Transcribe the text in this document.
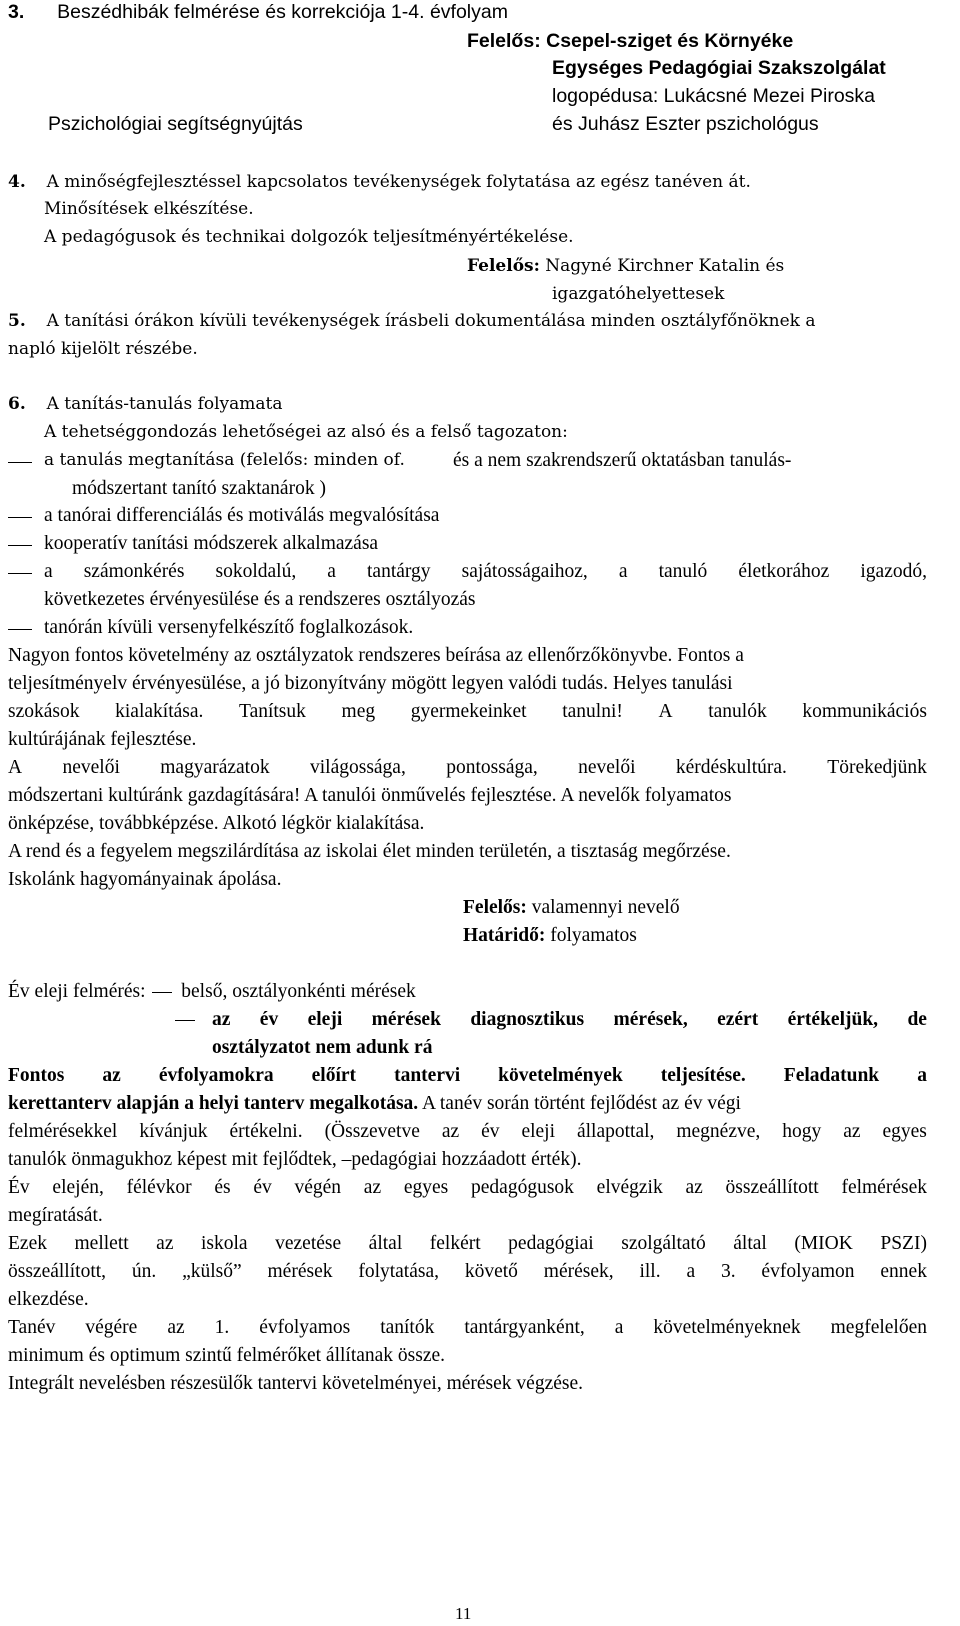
3. Beszédhibák felmérése és korrekciója 1-4. évfolyam
Felelős: Csepel-sziget és Környéke
Egységes Pedagógiai Szakszolgálat
logopédusa: Lukácsné Mezei Piroska
Pszichológiai segítségnyújtás	és Juhász Eszter pszichológus
4. A minőségfejlesztéssel kapcsolatos tevékenységek folytatása az egész tanéven át.
Minősítések elkészítése.
A pedagógusok és technikai dolgozók teljesítményértékelése.
Felelős: Nagyné Kirchner Katalin és
igazgatóhelyettesek
5. A tanítási órákon kívüli tevékenységek írásbeli dokumentálása minden osztályfőnöknek a
napló kijelölt részébe.
6. A tanítás-tanulás folyamata
A tehetséggondozás lehetőségei az alsó és a felső tagozaton:
a tanulás megtanítása (felelős: minden of. és a nem szakrendszerű oktatásban tanulás-
módszertant tanító szaktanárok )
a tanórai differenciálás és motiválás megvalósítása
kooperatív tanítási módszerek alkalmazása
a számonkérés sokoldalú, a tantárgy sajátosságaihoz, a tanuló életkorához igazodó,
következetes érvényesülése és a rendszeres osztályozás
tanórán kívüli versenyfelkészítő foglalkozások.
Nagyon fontos követelmény az osztályzatok rendszeres beírása az ellenőrzőkönyvbe. Fontos a
teljesítményelv érvényesülése, a jó bizonyítvány mögött legyen valódi tudás. Helyes tanulási
szokások kialakítása. Tanítsuk meg gyermekeinket tanulni! A tanulók kommunikációs
kultúrájának fejlesztése.
A nevelői magyarázatok világossága, pontossága, nevelői kérdéskultúra. Törekedjünk
módszertani kultúránk gazdagítására! A tanulói önművelés fejlesztése. A nevelők folyamatos
önképzése, továbbképzése. Alkotó légkör kialakítása.
A rend és a fegyelem megszilárdítása az iskolai élet minden területén, a tisztaság megőrzése.
Iskolánk hagyományainak ápolása.
Felelős: valamennyi nevelő
Határidő: folyamatos
Év eleji felmérés: belső, osztályonkénti mérések
az év eleji mérések diagnosztikus mérések, ezért értékeljük, de
osztályzatot nem adunk rá
Fontos az évfolyamokra előírt tantervi követelmények teljesítése. Feladatunk a
kerettanterv alapján a helyi tanterv megalkotása. A tanév során történt fejlődést az év végi
felmérésekkel kívánjuk értékelni. (Összevetve az év eleji állapottal, megnézve, hogy az egyes
tanulók önmagukhoz képest mit fejlődtek, –pedagógiai hozzáadott érték).
Év elején, félévkor és év végén az egyes pedagógusok elvégzik az összeállított felmérések
megíratását.
Ezek mellett az iskola vezetése által felkért pedagógiai szolgáltató által (MIOK PSZI)
összeállított, ún. „külső” mérések folytatása, követő mérések, ill. a 3. évfolyamon ennek
elkezdése.
Tanév végére az 1. évfolyamos tanítók tantárgyanként, a követelményeknek megfelelően
minimum és optimum szintű felmérőket állítanak össze.
Integrált nevelésben részesülők tantervi követelményei, mérések végzése.
11
